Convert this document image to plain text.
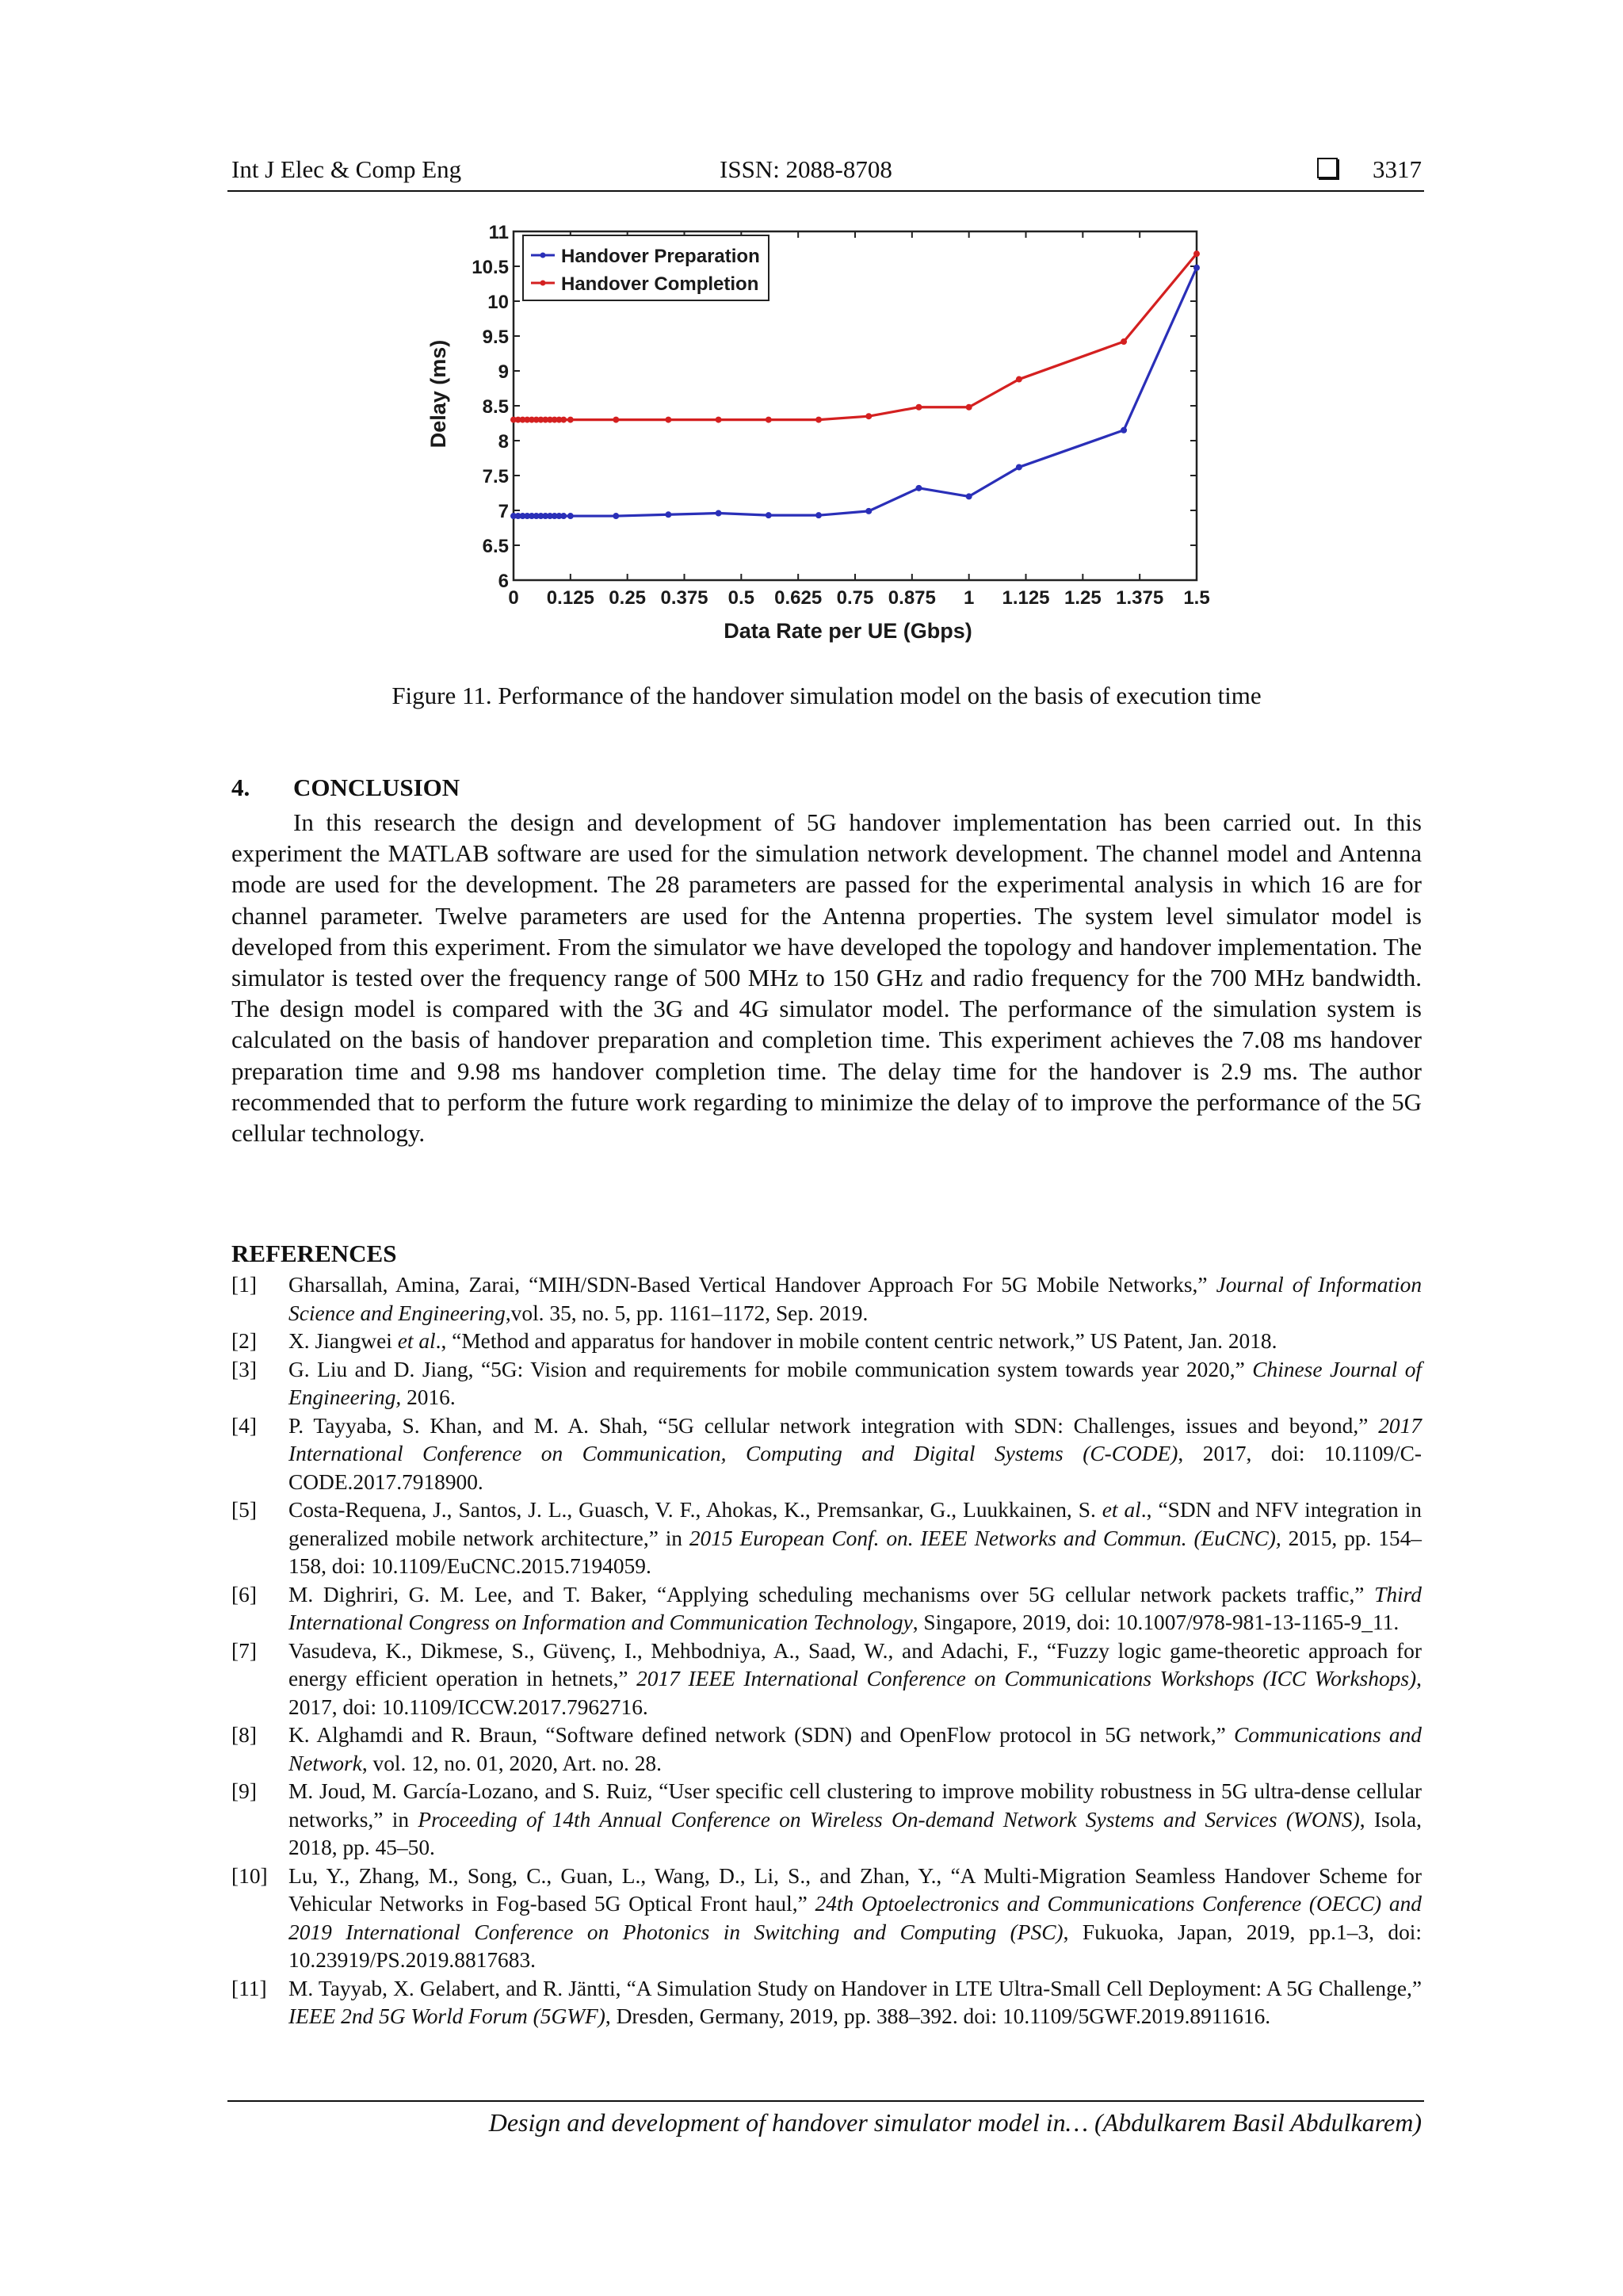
Int J Elec & Comp Eng	ISSN: 2088-8708	3317
0 0.125 0.25 0.375 0.5 0.625 0.75 0.875 1 1.125 1.25 1.375 1.5
6
6.5
7
7.5
8
8.5
9
9.5
10
10.5
11
Data Rate per UE (Gbps)
Delay (ms)
Handover Preparation
Handover Completion
Figure 11. Performance of the handover simulation model on the basis of execution time
4. CONCLUSION

In this research the design and development of 5G handover implementation has been carried out. In this experiment the MATLAB software are used for the simulation network development. The channel model and Antenna mode are used for the development. The 28 parameters are passed for the experimental analysis in which 16 are for channel parameter. Twelve parameters are used for the Antenna properties. The system level simulator model is developed from this experiment. From the simulator we have developed the topology and handover implementation. The simulator is tested over the frequency range of 500 MHz to 150 GHz and radio frequency for the 700 MHz bandwidth. The design model is compared with the 3G and 4G simulator model. The performance of the simulation system is calculated on the basis of handover preparation and completion time. This experiment achieves the 7.08 ms handover preparation time and 9.98 ms handover completion time. The delay time for the handover is 2.9 ms. The author recommended that to perform the future work regarding to minimize the delay of to improve the performance of the 5G cellular technology.

REFERENCES

[1] Gharsallah, Amina, Zarai, “MIH/SDN-Based Vertical Handover Approach For 5G Mobile Networks,” Journal of Information Science and Engineering,vol. 35, no. 5, pp. 1161–1172, Sep. 2019.

[2] X. Jiangwei et al., “Method and apparatus for handover in mobile content centric network,” US Patent, Jan. 2018.

[3] G. Liu and D. Jiang, “5G: Vision and requirements for mobile communication system towards year 2020,” Chinese Journal of Engineering, 2016.

[4] P. Tayyaba, S. Khan, and M. A. Shah, “5G cellular network integration with SDN: Challenges, issues and beyond,” 2017 International Conference on Communication, Computing and Digital Systems (C-CODE), 2017, doi: 10.1109/C-CODE.2017.7918900.

[5] Costa-Requena, J., Santos, J. L., Guasch, V. F., Ahokas, K., Premsankar, G., Luukkainen, S. et al., “SDN and NFV integration in generalized mobile network architecture,” in 2015 European Conf. on. IEEE Networks and Commun. (EuCNC), 2015, pp. 154–158, doi: 10.1109/EuCNC.2015.7194059.

[6] M. Dighriri, G. M. Lee, and T. Baker, “Applying scheduling mechanisms over 5G cellular network packets traffic,” Third International Congress on Information and Communication Technology, Singapore, 2019, doi: 10.1007/978-981-13-1165-9_11.

[7] Vasudeva, K., Dikmese, S., Güvenç, I., Mehbodniya, A., Saad, W., and Adachi, F., “Fuzzy logic game-theoretic approach for energy efficient operation in hetnets,” 2017 IEEE International Conference on Communications Workshops (ICC Workshops), 2017, doi: 10.1109/ICCW.2017.7962716.

[8] K. Alghamdi and R. Braun, “Software defined network (SDN) and OpenFlow protocol in 5G network,” Communications and Network, vol. 12, no. 01, 2020, Art. no. 28.

[9] M. Joud, M. García-Lozano, and S. Ruiz, “User specific cell clustering to improve mobility robustness in 5G ultra-dense cellular networks,” in Proceeding of 14th Annual Conference on Wireless On-demand Network Systems and Services (WONS), Isola, 2018, pp. 45–50.

[10] Lu, Y., Zhang, M., Song, C., Guan, L., Wang, D., Li, S., and Zhan, Y., “A Multi-Migration Seamless Handover Scheme for Vehicular Networks in Fog-based 5G Optical Front haul,” 24th Optoelectronics and Communications Conference (OECC) and 2019 International Conference on Photonics in Switching and Computing (PSC), Fukuoka, Japan, 2019, pp.1–3, doi: 10.23919/PS.2019.8817683.

[11] M. Tayyab, X. Gelabert, and R. Jäntti, “A Simulation Study on Handover in LTE Ultra-Small Cell Deployment: A 5G Challenge,” IEEE 2nd 5G World Forum (5GWF), Dresden, Germany, 2019, pp. 388–392. doi: 10.1109/5GWF.2019.8911616.

Design and development of handover simulator model in… (Abdulkarem Basil Abdulkarem)
